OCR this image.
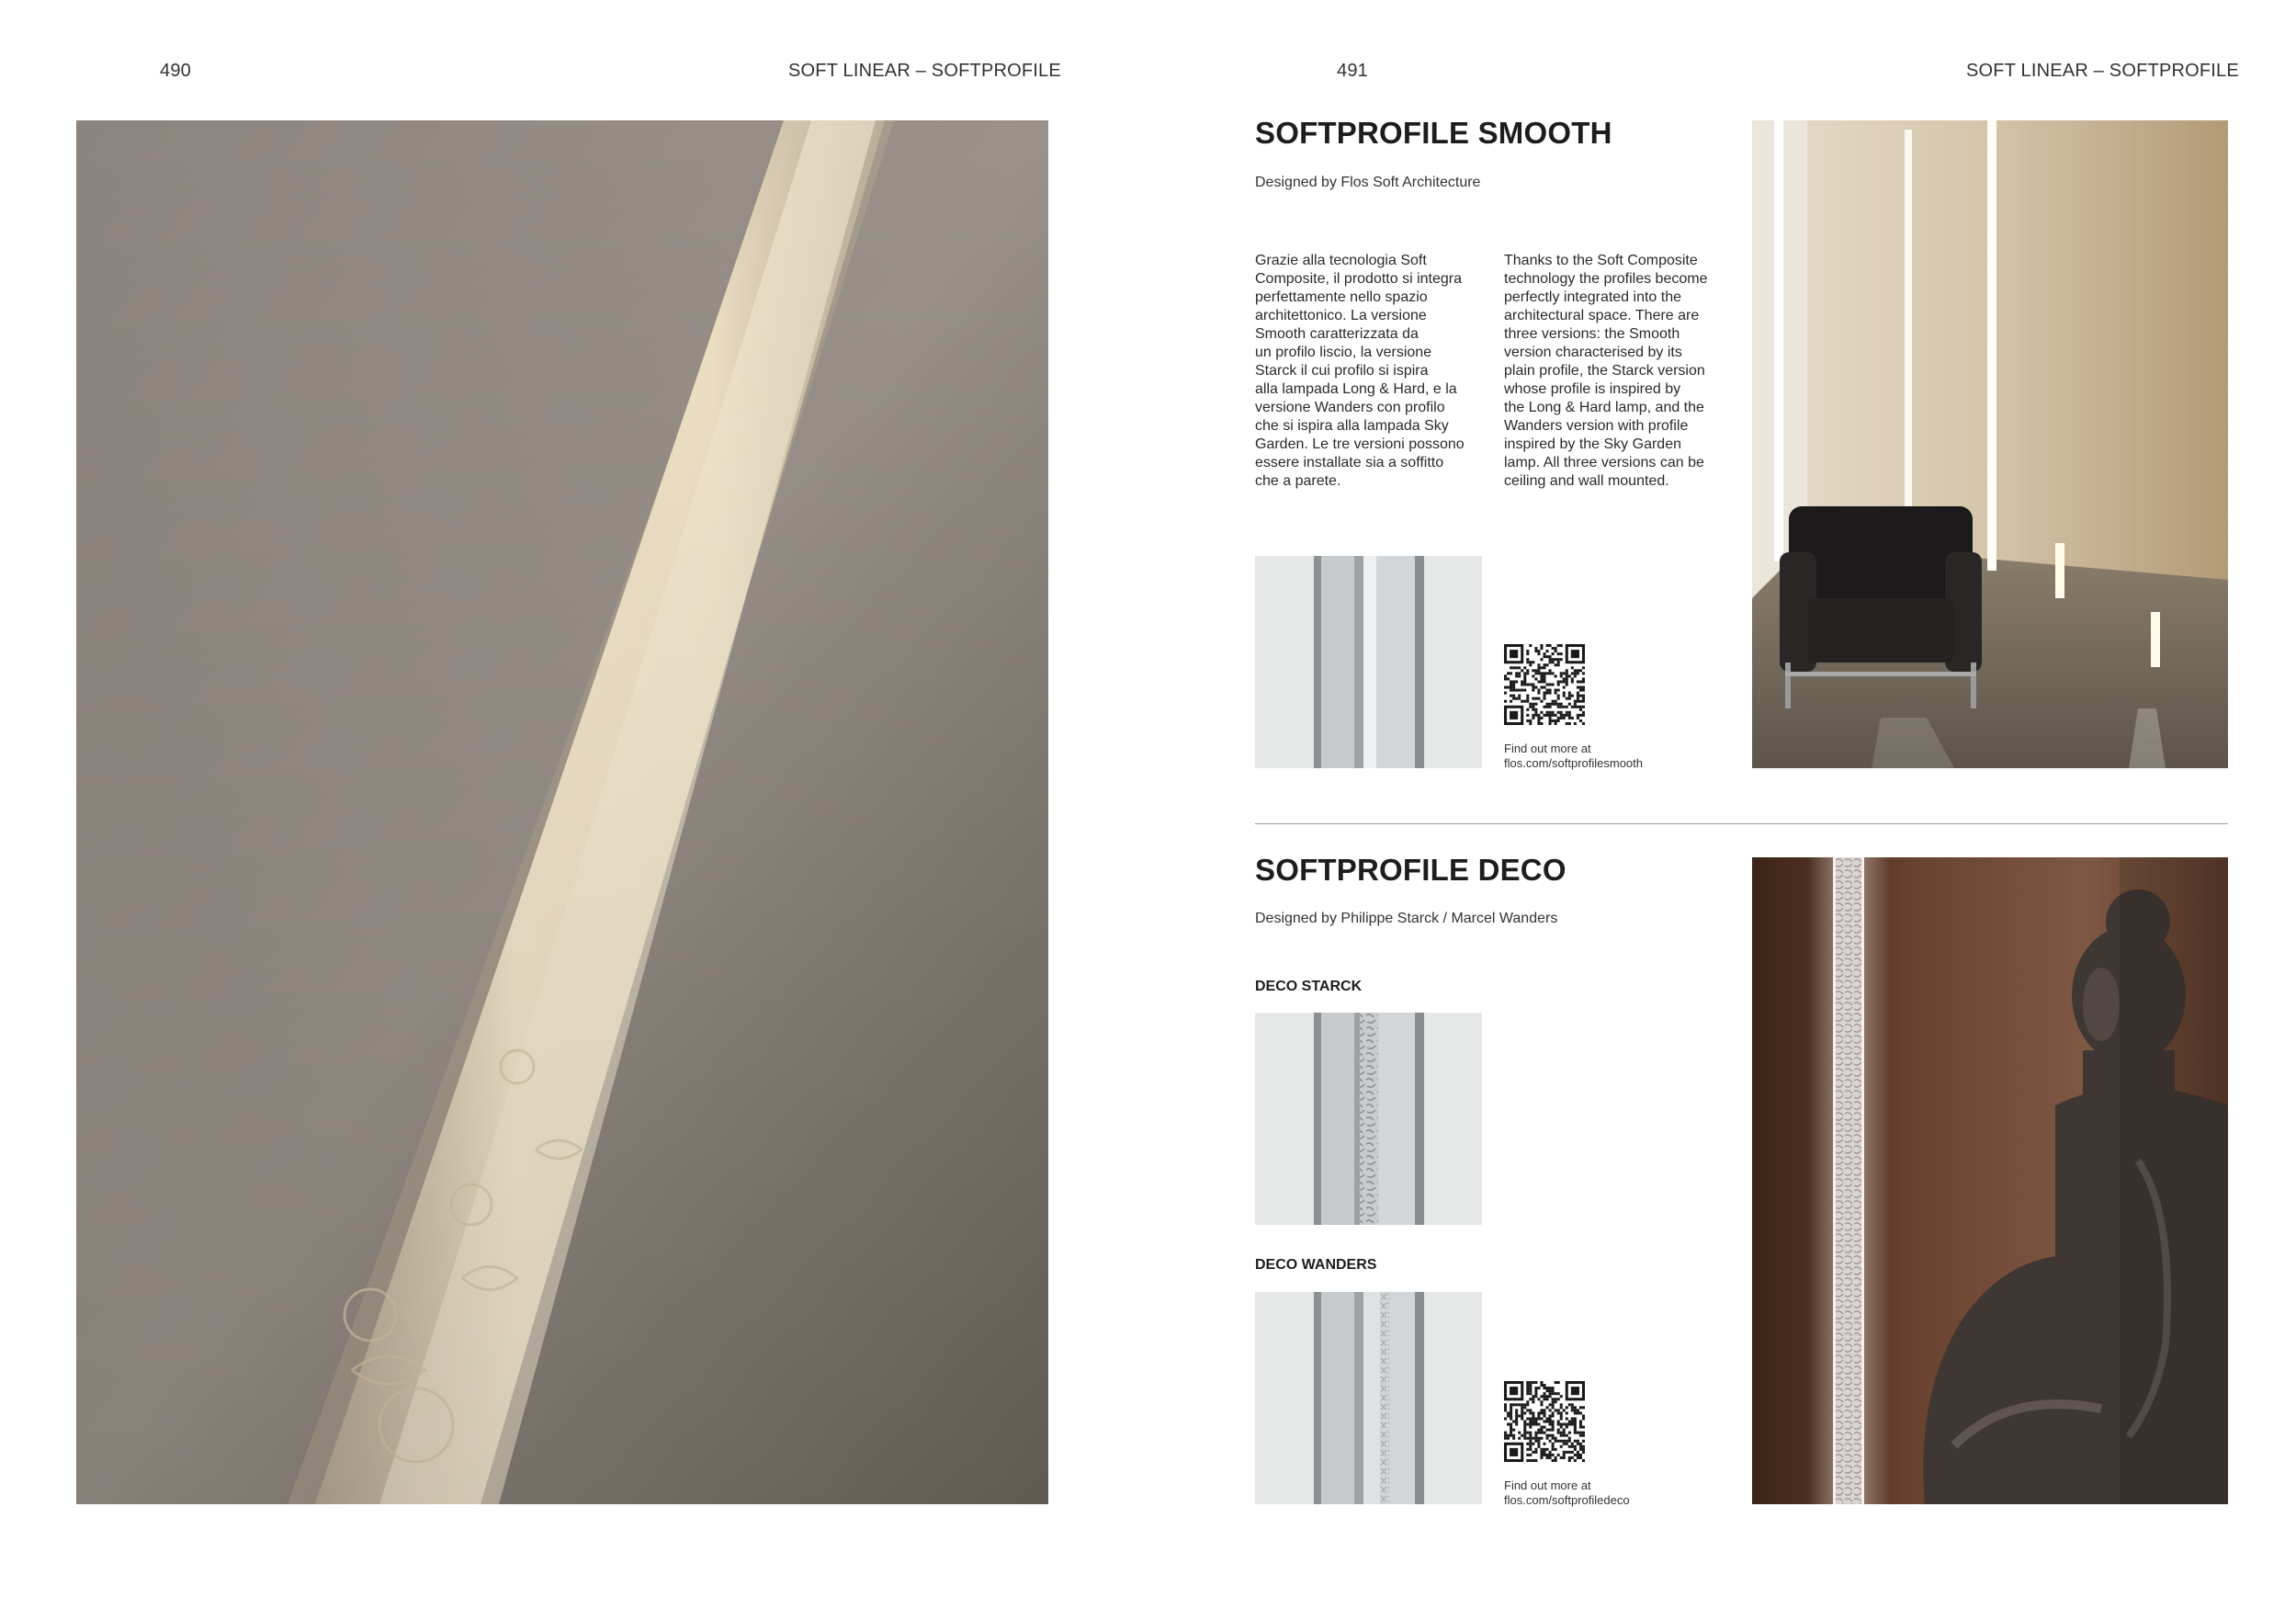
490	SOFT LINEAR – SOFTPROFILE	491	SOFT LINEAR – SOFTPROFILE
SOFTPROFILE SMOOTH
Designed by Flos Soft Architecture
Grazie alla tecnologia Soft
Composite, il prodotto si integra
perfettamente nello spazio
architettonico. La versione
Smooth caratterizzata da
un profilo liscio, la versione
Starck il cui profilo si ispira
alla lampada Long & Hard, e la
versione Wanders con profilo
che si ispira alla lampada Sky
Garden. Le tre versioni possono
essere installate sia a soffitto
che a parete.
Thanks to the Soft Composite
technology the profiles become
perfectly integrated into the
architectural space. There are
three versions: the Smooth
version characterised by its
plain profile, the Starck version
whose profile is inspired by
the Long & Hard lamp, and the
Wanders version with profile
inspired by the Sky Garden
lamp. All three versions can be
ceiling and wall mounted.
Find out more at
flos.com/softprofilesmooth
SOFTPROFILE DECO
Designed by Philippe Starck / Marcel Wanders
DECO STARCK
DECO WANDERS
Find out more at
flos.com/softprofiledeco
